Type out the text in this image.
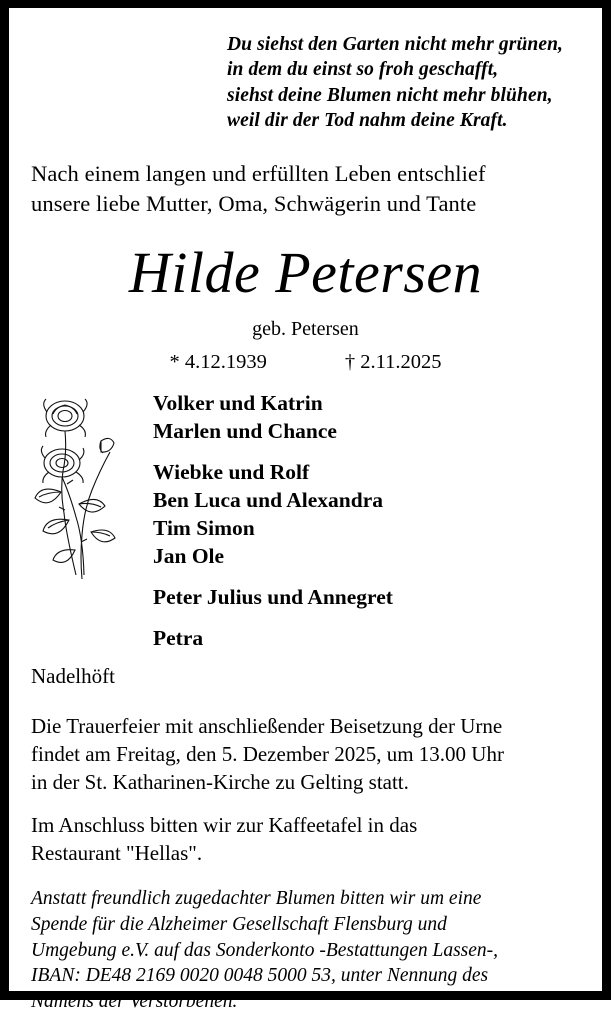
Du siehst den Garten nicht mehr grünen,
in dem du einst so froh geschafft,
siehst deine Blumen nicht mehr blühen,
weil dir der Tod nahm deine Kraft.
Nach einem langen und erfüllten Leben entschlief
unsere liebe Mutter, Oma, Schwägerin und Tante
Hilde Petersen
geb. Petersen
* 4.12.1939	† 2.11.2025
Volker und Katrin
Marlen und Chance
Wiebke und Rolf
Ben Luca und Alexandra
Tim Simon
Jan Ole
Peter Julius und Annegret
Petra
Nadelhöft
Die Trauerfeier mit anschließender Beisetzung der Urne
findet am Freitag, den 5. Dezember 2025, um 13.00 Uhr
in der St. Katharinen-Kirche zu Gelting statt.
Im Anschluss bitten wir zur Kaffeetafel in das
Restaurant "Hellas".
Anstatt freundlich zugedachter Blumen bitten wir um eine
Spende für die Alzheimer Gesellschaft Flensburg und
Umgebung e.V. auf das Sonderkonto -Bestattungen Lassen-,
IBAN: DE48 2169 0020 0048 5000 53, unter Nennung des
Namens der Verstorbenen.
